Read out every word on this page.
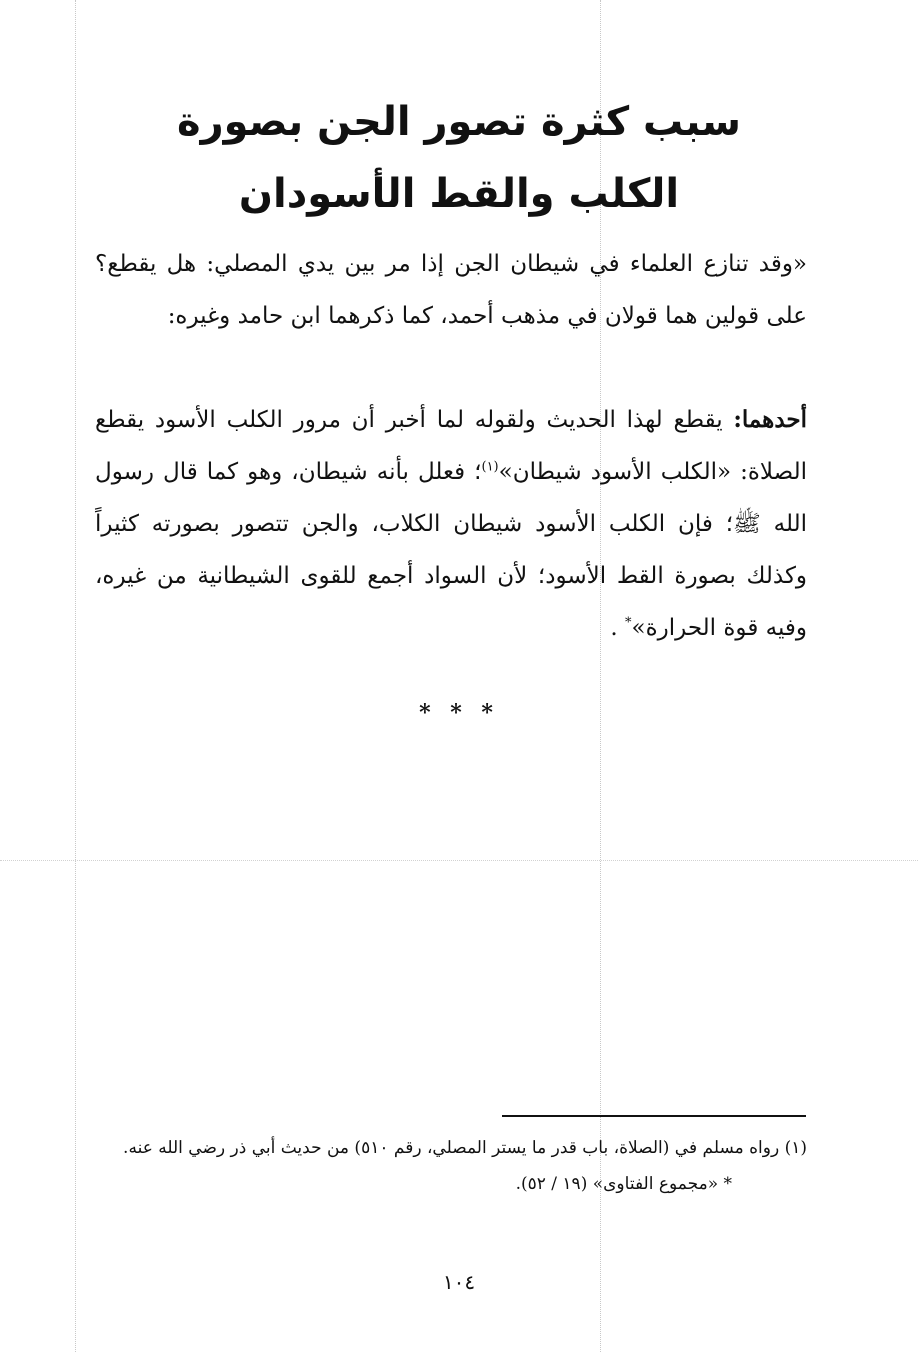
سبب كثرة تصور الجن بصورة
الكلب والقط الأسودان
«وقد تنازع العلماء في شيطان الجن إذا مر بين يدي المصلي: هل يقطع؟ على قولين هما قولان في مذهب أحمد، كما ذكرهما ابن حامد وغيره:
أحدهما: يقطع لهذا الحديث ولقوله لما أخبر أن مرور الكلب الأسود يقطع الصلاة: «الكلب الأسود شيطان»$^{(١)}$؛ فعلل بأنه شيطان، وهو كما قال رسول الله ﷺ؛ فإن الكلب الأسود شيطان الكلاب، والجن تتصور بصورته كثيراً وكذلك بصورة القط الأسود؛ لأن السواد أجمع للقوى الشيطانية من غيره، وفيه قوة الحرارة»* .
* * *
(١) رواه مسلم في (الصلاة، باب قدر ما يستر المصلي، رقم ٥١٠) من حديث أبي ذر رضي الله عنه.
* «مجموع الفتاوى» (١٩ / ٥٢).
١٠٤
